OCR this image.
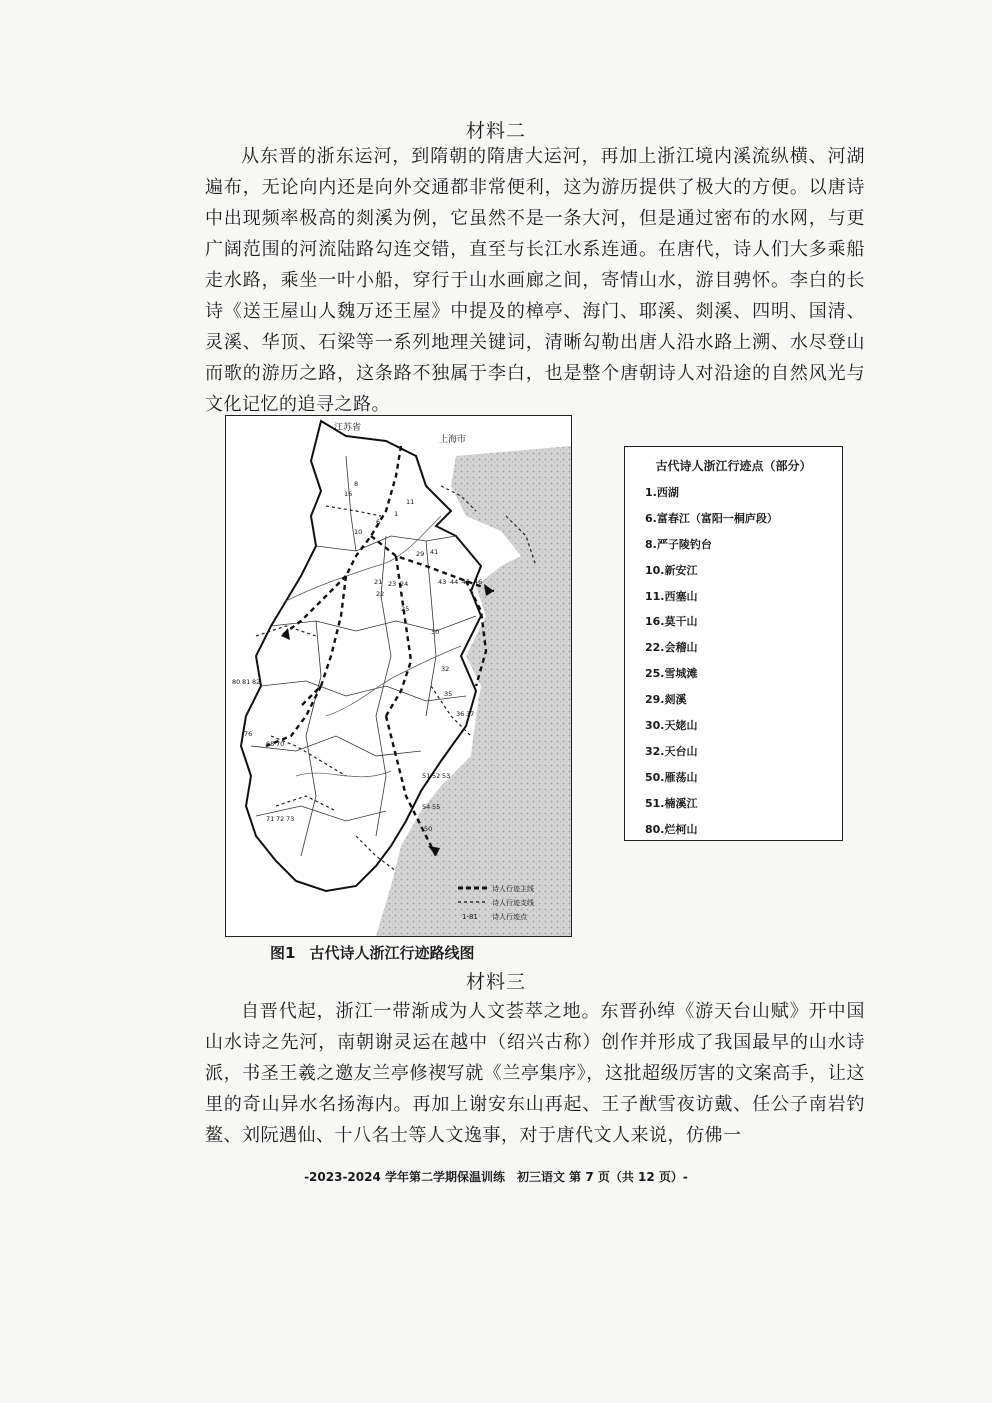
材料二

从东晋的浙东运河，到隋朝的隋唐大运河，再加上浙江境内溪流纵横、河湖遍布，无论向内还是向外交通都非常便利，这为游历提供了极大的方便。以唐诗中出现频率极高的剡溪为例，它虽然不是一条大河，但是通过密布的水网，与更广阔范围的河流陆路勾连交错，直至与长江水系连通。在唐代，诗人们大多乘船走水路，乘坐一叶小船，穿行于山水画廊之间，寄情山水，游目骋怀。李白的长诗《送王屋山人魏万还王屋》中提及的樟亭、海门、耶溪、剡溪、四明、国清、灵溪、华顶、石梁等一系列地理关键词，清晰勾勒出唐人沿水路上溯、水尽登山而歌的游历之路，这条路不独属于李白，也是整个唐朝诗人对沿途的自然风光与文化记忆的追寻之路。

16
8
6
10
1
11
29 41
21 23 24
22
25
43 44 45 46
30
32
35
36 37
80 81 82
50
51 52 53
54 55
68 70
71 72 73
76
江苏省
上海市
诗人行迹主线
诗人行迹支线
1-81 诗人行迹点
古代诗人浙江行迹点（部分）
1.西湖
6.富春江（富阳一桐庐段）
8.严子陵钓台
10.新安江
11.西塞山
16.莫干山
22.会稽山
25.雪城滩
29.剡溪
30.天姥山
32.天台山
50.雁荡山
51.楠溪江
80.烂柯山
图1 古代诗人浙江行迹路线图
材料三

自晋代起，浙江一带渐成为人文荟萃之地。东晋孙绰《游天台山赋》开中国山水诗之先河，南朝谢灵运在越中（绍兴古称）创作并形成了我国最早的山水诗派，书圣王羲之邀友兰亭修禊写就《兰亭集序》，这批超级厉害的文案高手，让这里的奇山异水名扬海内。再加上谢安东山再起、王子猷雪夜访戴、任公子南岩钓鳌、刘阮遇仙、十八名士等人文逸事，对于唐代文人来说，仿佛一

-2023-2024 学年第二学期保温训练　初三语文 第 7 页（共 12 页）-
